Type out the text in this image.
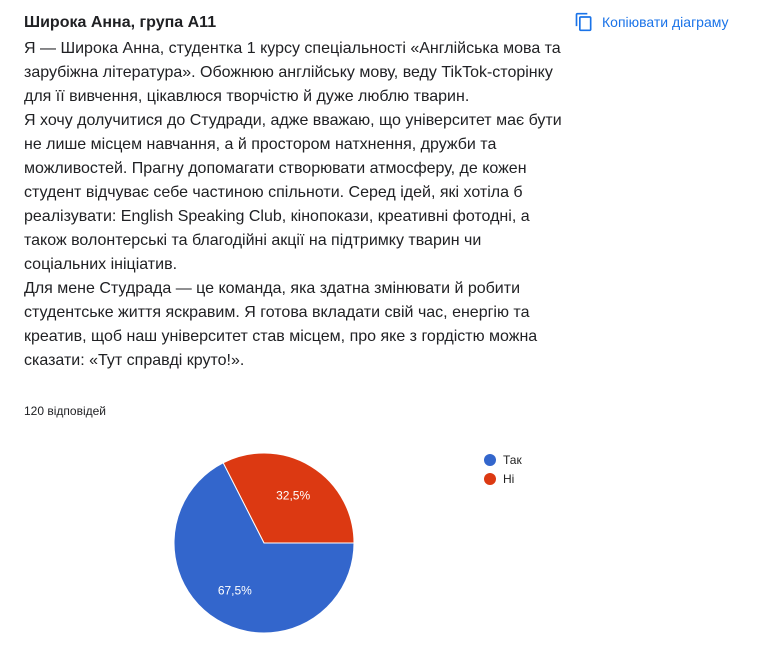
Широка Анна, група А11	Копіювати діаграму

Я — Широка Анна, студентка 1 курсу спеціальності «Англійська мова та зарубіжна література». Обожнюю англійську мову, веду TikTok-сторінку для її вивчення, цікавлюся творчістю й дуже люблю тварин.

Я хочу долучитися до Студради, адже вважаю, що університет має бути не лише місцем навчання, а й простором натхнення, дружби та можливостей. Прагну допомагати створювати атмосферу, де кожен студент відчуває себе частиною спільноти. Серед ідей, які хотіла б реалізувати: English Speaking Club, кінопокази, креативні фотодні, а також волонтерські та благодійні акції на підтримку тварин чи соціальних ініціатив.

Для мене Студрада — це команда, яка здатна змінювати й робити студентське життя яскравим. Я готова вкладати свій час, енергію та креатив, щоб наш університет став місцем, про яке з гордістю можна сказати: «Тут справді круто!».

120 відповідей
32,5%
67,5%
Так
Ні
